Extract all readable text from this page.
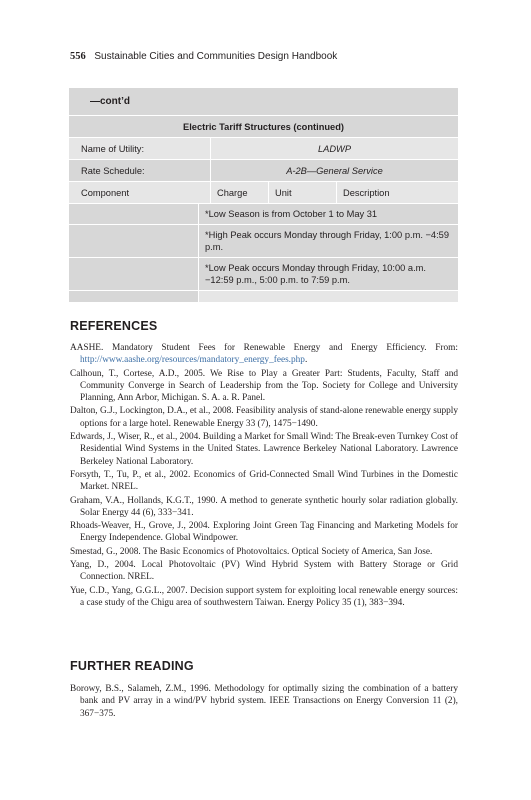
556 Sustainable Cities and Communities Design Handbook
—cont’d
Electric Tariff Structures (continued)
Name of Utility:	LADWP
Rate Schedule:	A-2B—General Service
Component	Charge	Unit	Description
*Low Season is from October 1 to May 31
*High Peak occurs Monday through Friday, 1:00 p.m. −4:59 p.m.
*Low Peak occurs Monday through Friday, 10:00 a.m. −12:59 p.m., 5:00 p.m. to 7:59 p.m.
REFERENCES

AASHE. Mandatory Student Fees for Renewable Energy and Energy Efficiency. From: http://www.aashe.org/resources/mandatory_energy_fees.php.

Calhoun, T., Cortese, A.D., 2005. We Rise to Play a Greater Part: Students, Faculty, Staff and Community Converge in Search of Leadership from the Top. Society for College and University Planning, Ann Arbor, Michigan. S. A. a. R. Panel.

Dalton, G.J., Lockington, D.A., et al., 2008. Feasibility analysis of stand-alone renewable energy supply options for a large hotel. Renewable Energy 33 (7), 1475−1490.

Edwards, J., Wiser, R., et al., 2004. Building a Market for Small Wind: The Break-even Turnkey Cost of Residential Wind Systems in the United States. Lawrence Berkeley National Laboratory. Lawrence Berkeley National Laboratory.

Forsyth, T., Tu, P., et al., 2002. Economics of Grid-Connected Small Wind Turbines in the Domestic Market. NREL.

Graham, V.A., Hollands, K.G.T., 1990. A method to generate synthetic hourly solar radiation globally. Solar Energy 44 (6), 333−341.

Rhoads-Weaver, H., Grove, J., 2004. Exploring Joint Green Tag Financing and Marketing Models for Energy Independence. Global Windpower.

Smestad, G., 2008. The Basic Economics of Photovoltaics. Optical Society of America, San Jose.

Yang, D., 2004. Local Photovoltaic (PV) Wind Hybrid System with Battery Storage or Grid Connection. NREL.

Yue, C.D., Yang, G.G.L., 2007. Decision support system for exploiting local renewable energy sources: a case study of the Chigu area of southwestern Taiwan. Energy Policy 35 (1), 383−394.

FURTHER READING

Borowy, B.S., Salameh, Z.M., 1996. Methodology for optimally sizing the combination of a battery bank and PV array in a wind/PV hybrid system. IEEE Transactions on Energy Conversion 11 (2), 367−375.
